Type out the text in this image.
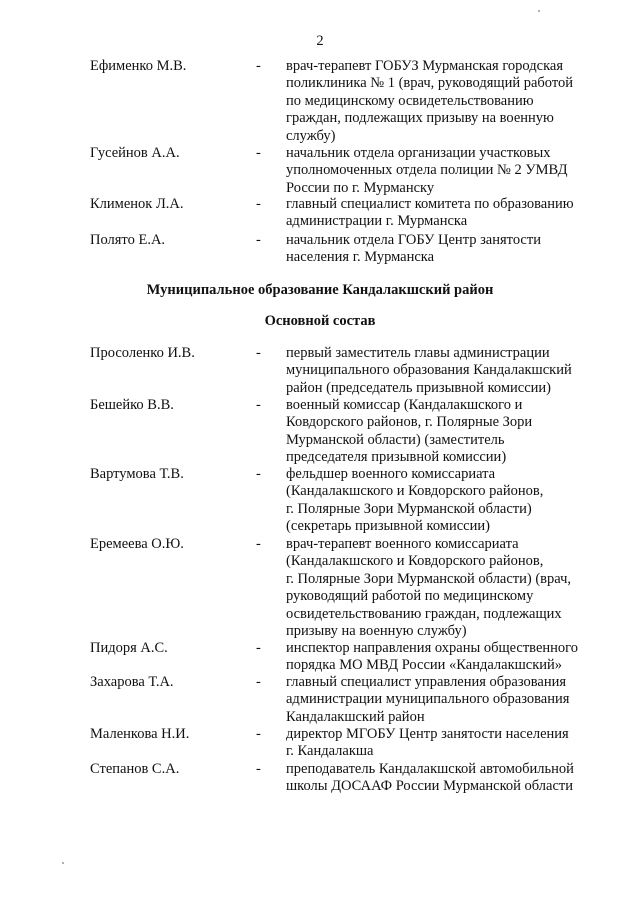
2
Ефименко М.В.	- врач-терапевт ГОБУЗ Мурманская городская
поликлиника № 1 (врач, руководящий работой
по медицинскому освидетельствованию
граждан, подлежащих призыву на военную
службу)
Гусейнов А.А.	- начальник отдела организации участковых
уполномоченных отдела полиции № 2 УМВД
России по г. Мурманску
Клименок Л.А.	- главный специалист комитета по образованию
администрации г. Мурманска
Полято Е.А.	- начальник отдела ГОБУ Центр занятости
населения г. Мурманска
Муниципальное образование Кандалакшский район
Основной состав
Просоленко И.В.	- первый заместитель главы администрации
муниципального образования Кандалакшский
район (председатель призывной комиссии)
Бешейко В.В.	- военный комиссар (Кандалакшского и
Ковдорского районов, г. Полярные Зори
Мурманской области) (заместитель
председателя призывной комиссии)
Вартумова Т.В.	- фельдшер военного комиссариата
(Кандалакшского и Ковдорского районов,
г. Полярные Зори Мурманской области)
(секретарь призывной комиссии)
Еремеева О.Ю.	- врач-терапевт военного комиссариата
(Кандалакшского и Ковдорского районов,
г. Полярные Зори Мурманской области) (врач,
руководящий работой по медицинскому
освидетельствованию граждан, подлежащих
призыву на военную службу)
Пидоря А.С.	- инспектор направления охраны общественного
порядка МО МВД России «Кандалакшский»
Захарова Т.А.	- главный специалист управления образования
администрации муниципального образования
Кандалакшский район
Маленкова Н.И.	- директор МГОБУ Центр занятости населения
г. Кандалакша
Степанов С.А.	- преподаватель Кандалакшской автомобильной
школы ДОСААФ России Мурманской области
